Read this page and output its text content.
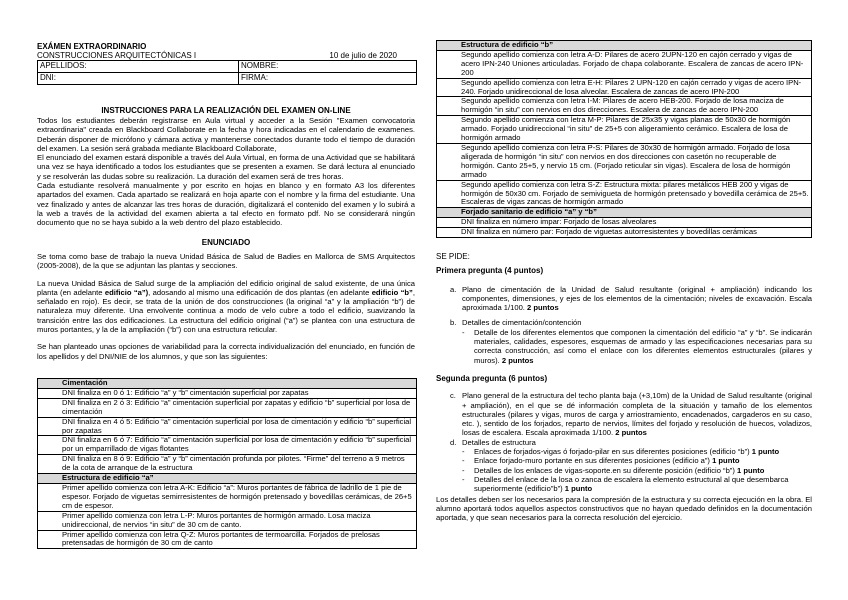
EXÁMEN EXTRAORDINARIO
CONSTRUCCIONES ARQUITECTÓNICAS I	10 de julio de 2020
APELLIDOS:	NOMBRE:
DNI:	FIRMA:
INSTRUCCIONES PARA LA REALIZACIÓN DEL EXAMEN ON-LINE
Todos los estudiantes deberán registrarse en Aula virtual y acceder a la Sesión "Examen convocatoria extraordinaria" creada en Blackboard Collaborate en la fecha y hora indicadas en el calendario de examenes. Deberán disponer de micrófono y cámara activa y mantenerse conectados durante todo el tiempo de duración del examen. La sesión será grabada mediante Blackboard Collaborate,
El enunciado del examen estará disponible a través del Aula Virtual, en forma de una Actividad que se habilitará una vez se haya identificado a todos los estudiantes que se presenten a examen. Se dará lectura al enunciado y se resolverán las dudas sobre su realización. La duración del examen será de tres horas.
Cada estudiante resolverá manualmente y por escrito en hojas en blanco y en formato A3 los diferentes apartados del examen. Cada apartado se realizará en hoja aparte con el nombre y la firma del estudiante. Una vez finalizado y antes de alcanzar las tres horas de duración, digitalizará el contenido del examen y lo subirá a la web a través de la actividad del examen abierta a tal efecto en formato pdf. No se considerará ningún documento que no se haya subido a la web dentro del plazo establecido.
ENUNCIADO
Se toma como base de trabajo la nueva Unidad Básica de Salud de Badies en Mallorca de SMS Arquitectos (2005-2008), de la que se adjuntan las plantas y secciones.
La nueva Unidad Básica de Salud surge de la ampliación del edificio original de salud existente, de una única planta (en adelante edificio “a”), adosando al mismo una edificación de dos plantas (en adelante edificio “b”, señalado en rojo). Es decir, se trata de la unión de dos construcciones (la original “a” y la ampliación “b”) de naturaleza muy diferente. Una envolvente continua a modo de velo cubre a todo el edificio, suavizando la transición entre las dos edificaciones. La estructura del edificio original (“a”) se plantea con una estructura de muros portantes, y la de la ampliación (“b”) con una estructura reticular.
Se han planteado unas opciones de variabilidad para la correcta individualización del enunciado, en función de los apellidos y del DNI/NIE de los alumnos, y que son las siguientes:
Cimentación
DNI finaliza en 0 ó 1: Edificio “a” y “b” cimentación superficial por zapatas
DNI finaliza en 2 ó 3: Edificio “a” cimentación superficial por zapatas y edificio “b” superficial por losa de cimentación
DNI finaliza en 4 ó 5: Edificio “a” cimentación superficial por losa de cimentación y edificio “b” superficial por zapatas
DNI finaliza en 6 ó 7: Edificio “a” cimentación superficial por losa de cimentación y edificio “b” superficial por un emparrillado de vigas flotantes
DNI finaliza en 8 ó 9: Edificio “a” y “b” cimentación profunda por pilotes. “Firme” del terreno a 9 metros de la cota de arranque de la estructura
Estructura de edificio “a”
Primer apellido comienza con letra A-K: Edificio “a”: Muros portantes de fábrica de ladrillo de 1 pie de espesor. Forjado de viguetas semirresistentes de hormigón pretensado y bovedillas cerámicas, de 26+5 cm de espesor.
Primer apellido comienza con letra L-P: Muros portantes de hormigón armado. Losa maciza unidireccional, de nervios “in situ” de 30 cm de canto.
Primer apellido comienza con letra Q-Z: Muros portantes de termoarcilla. Forjados de prelosas pretensadas de hormigón de 30 cm de canto
Estructura de edificio “b”
Segundo apellido comienza con letra A-D: Pilares de acero 2UPN-120 en cajón cerrado y vigas de acero IPN-240 Uniones articuladas. Forjado de chapa colaborante. Escalera de zancas de acero IPN-200
Segundo apellido comienza con letra E-H: Pilares 2 UPN-120 en cajón cerrado y vigas de acero IPN-240. Forjado unidireccional de losa alveolar. Escalera de zancas de acero IPN-200
Segundo apellido comienza con letra I-M: Pilares de acero HEB-200. Forjado de losa maciza de hormigón “in situ” con nervios en dos direcciones. Escalera de zancas de acero IPN-200
Segundo apellido comienza con letra M-P: Pilares de 25x35 y vigas planas de 50x30 de hormigón armado. Forjado unidireccional “in situ” de 25+5 con aligeramiento cerámico. Escalera de losa de hormigón armado
Segundo apellido comienza con letra P-S: Pilares de 30x30 de hormigón armado. Forjado de losa aligerada de hormigón “in situ” con nervios en dos direcciones con casetón no recuperable de hormigón. Canto 25+5, y nervio 15 cm. (Forjado reticular sin vigas). Escalera de losa de hormigón armado
Segundo apellido comienza con letra S-Z: Estructura mixta: pilares metálicos HEB 200 y vigas de hormigón de 50x30 cm. Forjado de semivigueta de hormigón pretensado y bovedilla cerámica de 25+5. Escaleras de vigas zancas de hormigón armado
Forjado sanitario de edificio “a” y “b”
DNI finaliza en número impar: Forjado de losas alveolares
DNI finaliza en número par: Forjado de viguetas autorresistentes y bovedillas cerámicas
SE PIDE:
Primera pregunta (4 puntos)
a. Plano de cimentación de la Unidad de Salud resultante (original + ampliación) indicando los componentes, dimensiones, y ejes de los elementos de la cimentación; niveles de excavación. Escala aproximada 1/100. 2 puntos
b. Detalles de cimentación/contención
-	Detalle de los diferentes elementos que componen la cimentación del edificio “a” y “b”. Se indicarán materiales, calidades, espesores, esquemas de armado y las especificaciones necesarias para su correcta construcción, así como el enlace con los diferentes elementos estructurales (pilares y muros). 2 puntos
Segunda pregunta (6 puntos)
c. Plano general de la estructura del techo planta baja (+3,10m) de la Unidad de Salud resultante (original + ampliación), en el que se dé información completa de la situación y tamaño de los elementos estructurales (pilares y vigas, muros de carga y arriostramiento, encadenados, cargaderos en su caso, etc. ), sentido de los forjados, reparto de nervios, límites del forjado y resolución de huecos, voladizos, losas de escalera. Escala aproximada 1/100. 2 puntos
d. Detalles de estructura
-	Enlaces de forjados-vigas ó forjado-pilar en sus diferentes posiciones (edificio “b”) 1 punto
-	Enlace forjado-muro portante en sus diferentes posiciones (edificio a”) 1 punto
-	Detalles de los enlaces de vigas-soporte.en su diferente posición (edificio “b”) 1 punto
-	Detalles del enlace de la losa o zanca de escalera la elemento estructural al que desembarca superiormente (edificio”b”) 1 punto
Los detalles deben ser los necesarios para la compresión de la estructura y su correcta ejecución en la obra. El alumno aportará todos aquellos aspectos constructivos que no hayan quedado definidos en la documentación aportada, y que sean necesarios para la correcta resolución del ejercicio.
